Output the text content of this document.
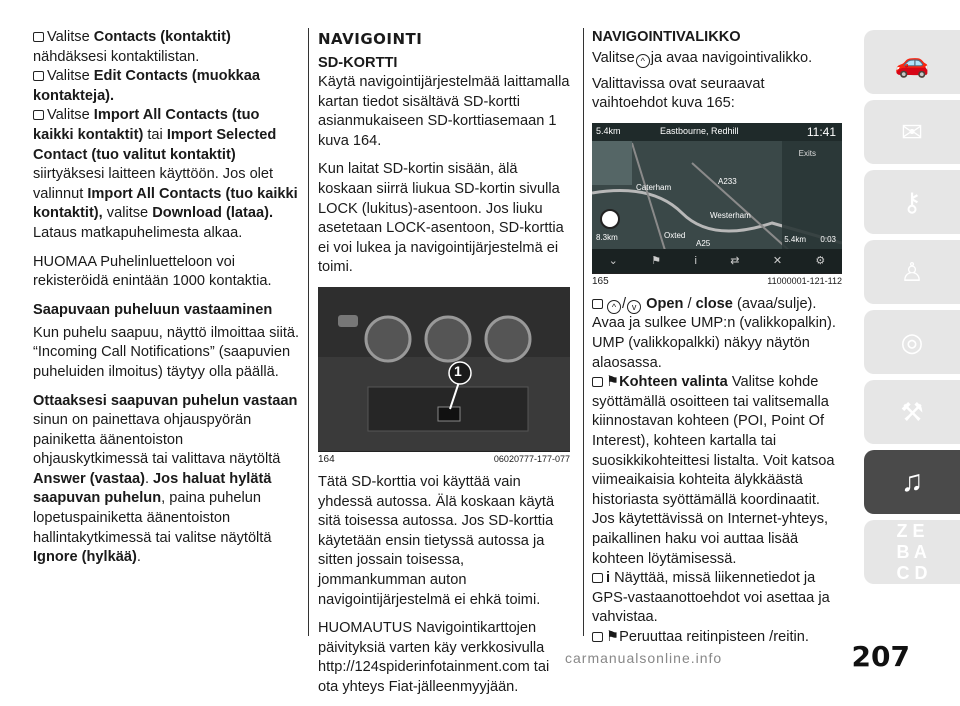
Valitse Contacts (kontaktit)
nähdäksesi kontaktilistan.

Valitse Edit Contacts (muokkaa kontakteja).

Valitse Import All Contacts (tuo kaikki kontaktit) tai Import Selected Contact (tuo valitut kontaktit) siirtyäksesi laitteen käyttöön. Jos olet valinnut Import All Contacts (tuo kaikki kontaktit), valitse Download (lataa). Lataus matkapuhelimesta alkaa.

HUOMAA Puhelinluetteloon voi rekisteröidä enintään 1000 kontaktia.

Saapuvaan puheluun vastaaminen

Kun puhelu saapuu, näyttö ilmoittaa siitä. “Incoming Call Notifications” (saapuvien puheluiden ilmoitus) täytyy olla päällä.

Ottaaksesi saapuvan puhelun vastaan sinun on painettava ohjauspyörän painiketta äänentoiston ohjauskytkimessä tai valittava näytöltä Answer (vastaa). Jos haluat hylätä saapuvan puhelun, paina puhelun lopetuspainiketta äänentoiston hallintakytkimessä tai valitse näytöltä Ignore (hylkää).

NAVIGOINTI

SD-KORTTI

Käytä navigointijärjestelmää laittamalla kartan tiedot sisältävä SD-kortti asianmukaiseen SD-korttiasemaan 1 kuva 164.

Kun laitat SD-kortin sisään, älä koskaan siirrä liukua SD-kortin sivulla LOCK (lukitus)-asentoon. Jos liuku asetetaan LOCK-asentoon, SD-korttia ei voi lukea ja navigointijärjestelmä ei toimi.

1
164	06020777-177-077

Tätä SD-korttia voi käyttää vain yhdessä autossa. Älä koskaan käytä sitä toisessa autossa. Jos SD-korttia käytetään ensin tietyssä autossa ja sitten jossain toisessa, jommankumman auton navigointijärjestelmä ei ehkä toimi.

HUOMAUTUS Navigointikarttojen päivityksiä varten käy verkkosivulla http://124spiderinfotainment.com tai ota yhteys Fiat-jälleenmyyjään.

NAVIGOINTIVALIKKO

Valitse ^ ja avaa navigointivalikko.

Valittavissa ovat seuraavat vaihtoehdot kuva 165:

5.4km	Eastbourne, Redhill	11:41
Exits
Caterham
Westerham
Oxted
A233
A25
8.3km	5.4km 0:03
⌄	⚑	i	⇄	✕	⚙
165	11000001-121-112

^ / v Open / close (avaa/sulje). Avaa ja sulkee UMP:n (valikkopalkin). UMP (valikkopalkki) näkyy näytön alaosassa.

⚑Kohteen valinta Valitse kohde syöttämällä osoitteen tai valitsemalla kiinnostavan kohteen (POI, Point Of Interest), kohteen kartalla tai suosikkikohteittesi listalta. Voit katsoa viimeaikaisia kohteita älykkäästä historiasta syöttämällä koordinaatit. Jos käytettävissä on Internet-yhteys, paikallinen haku voi auttaa lisää kohteen löytämisessä.

i Näyttää, missä liikennetiedot ja GPS-vastaanottoehdot voi asettaa ja vahvistaa.

⚑Peruuttaa reitinpisteen /reitin.

🚗
✉
⚷
♙
◎
⚒
♫
Z E
B A
C D
207
carmanualsonline.info
